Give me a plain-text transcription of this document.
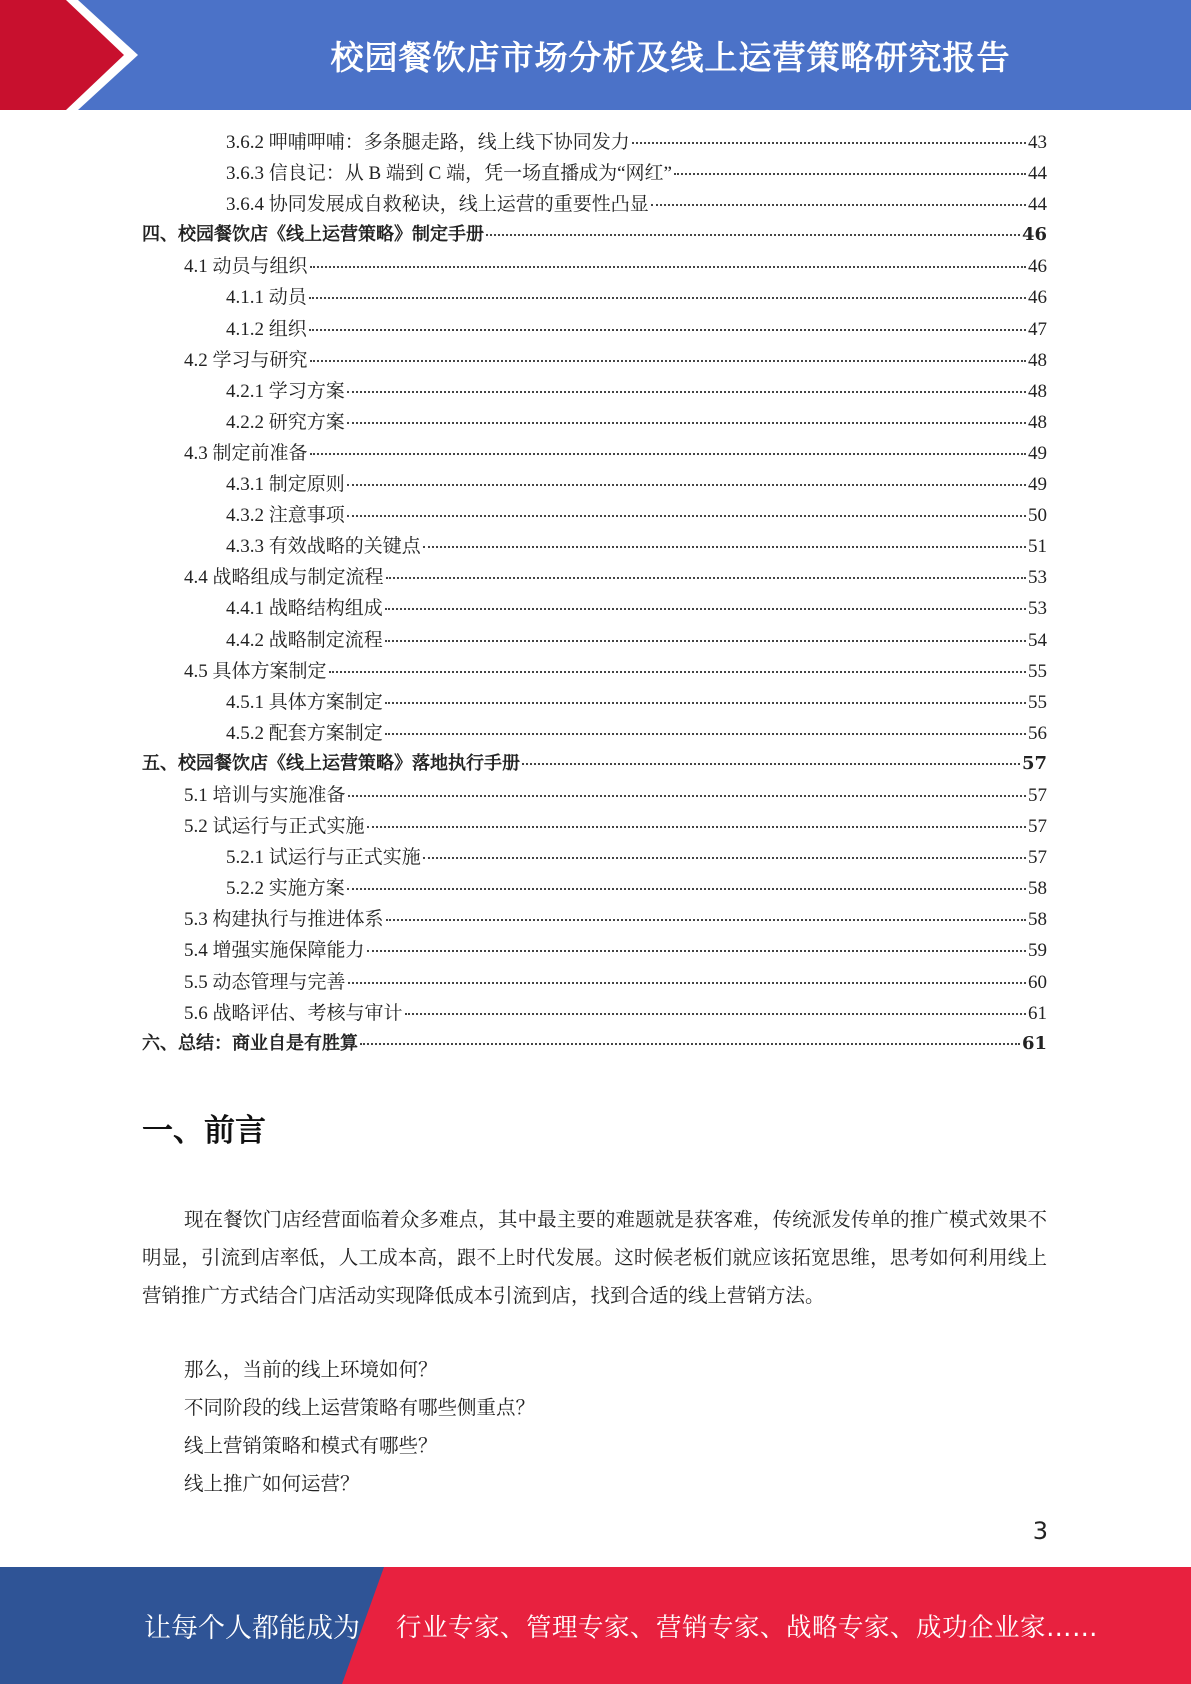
校园餐饮店市场分析及线上运营策略研究报告
3.6.2 呷哺呷哺：多条腿走路，线上线下协同发力	43
3.6.3 信良记：从 B 端到 C 端，凭一场直播成为“网红”	44
3.6.4 协同发展成自救秘诀，线上运营的重要性凸显	44
四、校园餐饮店《线上运营策略》制定手册	46
4.1 动员与组织	46
4.1.1 动员	46
4.1.2 组织	47
4.2 学习与研究	48
4.2.1 学习方案	48
4.2.2 研究方案	48
4.3 制定前准备	49
4.3.1 制定原则	49
4.3.2 注意事项	50
4.3.3 有效战略的关键点	51
4.4 战略组成与制定流程	53
4.4.1 战略结构组成	53
4.4.2 战略制定流程	54
4.5 具体方案制定	55
4.5.1 具体方案制定	55
4.5.2 配套方案制定	56
五、校园餐饮店《线上运营策略》落地执行手册	57
5.1 培训与实施准备	57
5.2 试运行与正式实施	57
5.2.1 试运行与正式实施	57
5.2.2 实施方案	58
5.3 构建执行与推进体系	58
5.4 增强实施保障能力	59
5.5 动态管理与完善	60
5.6 战略评估、考核与审计	61
六、总结：商业自是有胜算	61
一、前言

现在餐饮门店经营面临着众多难点，其中最主要的难题就是获客难，传统派发传单的推广模式效果不明显，引流到店率低，人工成本高，跟不上时代发展。这时候老板们就应该拓宽思维，思考如何利用线上营销推广方式结合门店活动实现降低成本引流到店，找到合适的线上营销方法。

那么，当前的线上环境如何？
不同阶段的线上运营策略有哪些侧重点？
线上营销策略和模式有哪些？
线上推广如何运营？
3
让每个人都能成为 行业专家、管理专家、营销专家、战略专家、成功企业家……
